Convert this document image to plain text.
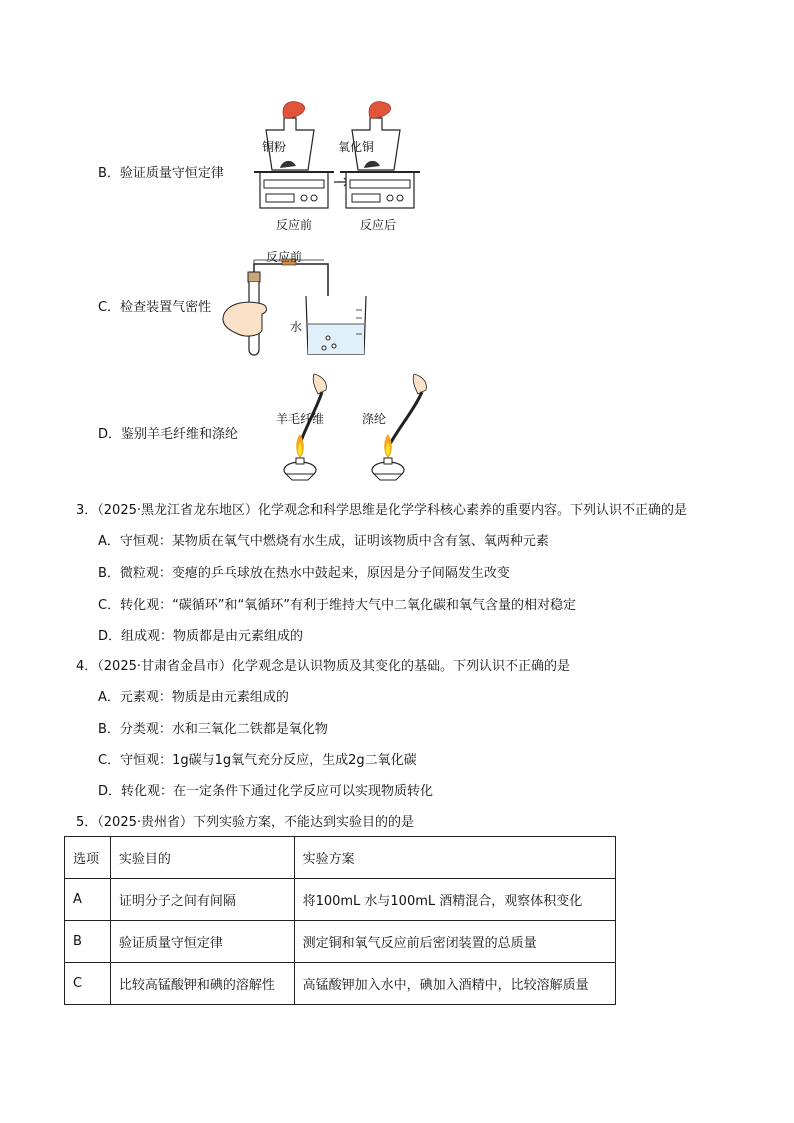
B．验证质量守恒定律
铜粉	氧化铜
反应前	反应后
C．检查装置气密性
反应前
水
D．鉴别羊毛纤维和涤纶
羊毛纤维	涤纶
3．（2025·黑龙江省龙东地区）化学观念和科学思维是化学学科核心素养的重要内容。下列认识不正确的是
A．守恒观：某物质在氧气中燃烧有水生成，证明该物质中含有氢、氧两种元素
B．微粒观：变瘪的乒乓球放在热水中鼓起来，原因是分子间隔发生改变
C．转化观：“碳循环”和“氧循环”有利于维持大气中二氧化碳和氧气含量的相对稳定
D．组成观：物质都是由元素组成的
4．（2025·甘肃省金昌市）化学观念是认识物质及其变化的基础。下列认识不正确的是
A．元素观：物质是由元素组成的
B．分类观：水和三氧化二铁都是氧化物
C．守恒观：1g碳与1g氧气充分反应，生成2g二氧化碳
D．转化观：在一定条件下通过化学反应可以实现物质转化
5．（2025·贵州省）下列实验方案，不能达到实验目的的是
选项	实验目的	实验方案
A	证明分子之间有间隔	将100mL 水与100mL 酒精混合，观察体积变化
B	验证质量守恒定律	测定铜和氧气反应前后密闭装置的总质量
C	比较高锰酸钾和碘的溶解性	高锰酸钾加入水中，碘加入酒精中，比较溶解质量
